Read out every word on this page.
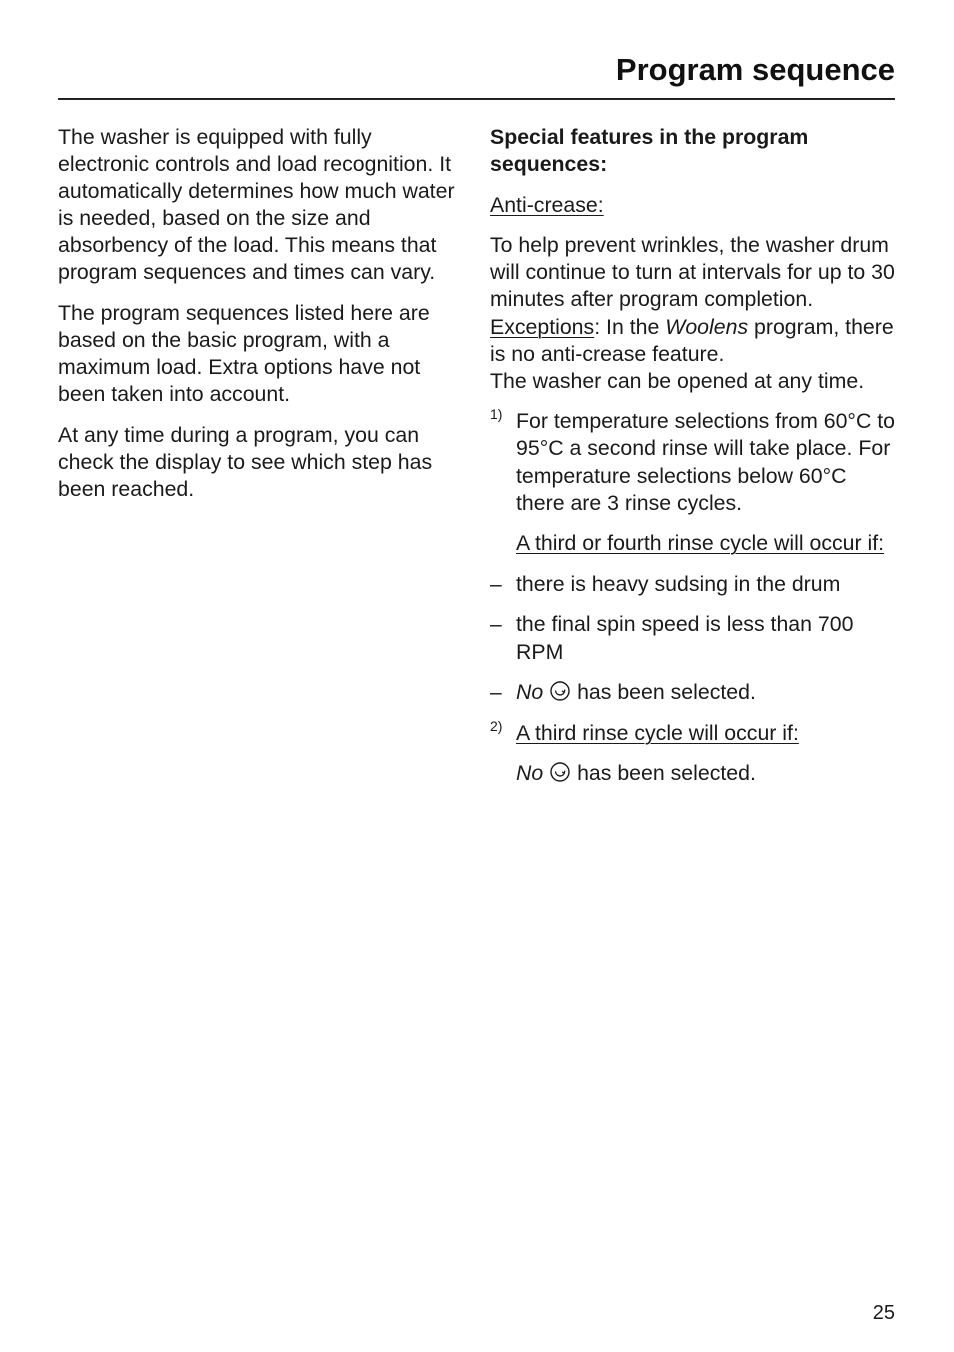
Program sequence

The washer is equipped with fully electronic controls and load recognition. It automatically determines how much water is needed, based on the size and absorbency of the load. This means that program sequences and times can vary.

The program sequences listed here are based on the basic program, with a maximum load. Extra options have not been taken into account.

At any time during a program, you can check the display to see which step has been reached.

Special features in the program sequences:

Anti-crease:

To help prevent wrinkles, the washer drum will continue to turn at intervals for up to 30 minutes after program completion. Exceptions: In the Woolens program, there is no anti-crease feature.
The washer can be opened at any time.

1) For temperature selections from 60°C to 95°C a second rinse will take place. For temperature selections below 60°C there are 3 rinse cycles.
A third or fourth rinse cycle will occur if:
– there is heavy sudsing in the drum
– the final spin speed is less than 700 RPM
– No has been selected.
2) A third rinse cycle will occur if:
No has been selected.
25
